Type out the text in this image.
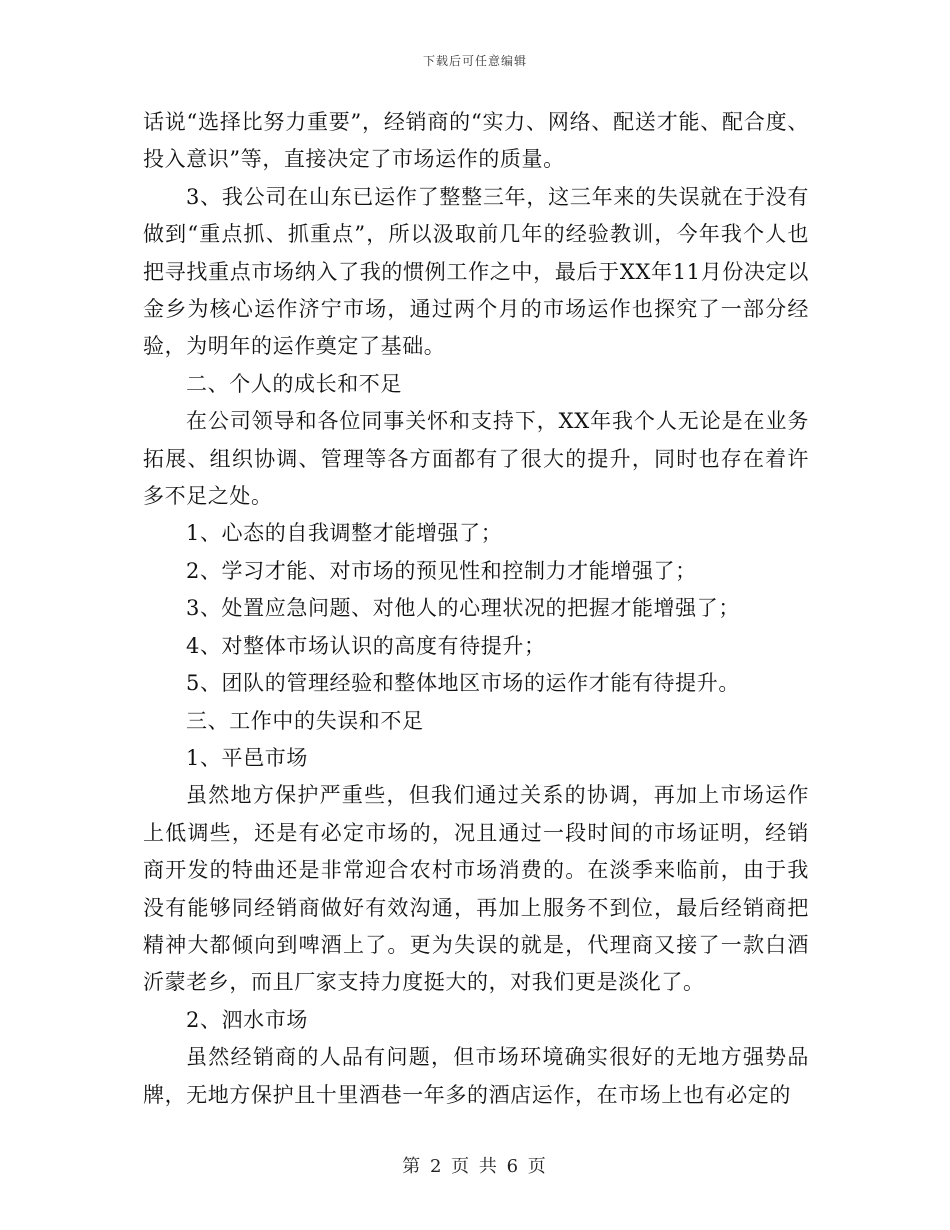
下载后可任意编辑

话说“选择比努力重要”，经销商的“实力、网络、配送才能、配合度、投入意识”等，直接决定了市场运作的质量。

3、我公司在山东已运作了整整三年，这三年来的失误就在于没有做到“重点抓、抓重点”，所以汲取前几年的经验教训，今年我个人也把寻找重点市场纳入了我的惯例工作之中，最后于XX年11月份决定以金乡为核心运作济宁市场，通过两个月的市场运作也探究了一部分经验，为明年的运作奠定了基础。

二、个人的成长和不足

在公司领导和各位同事关怀和支持下，XX年我个人无论是在业务拓展、组织协调、管理等各方面都有了很大的提升，同时也存在着许多不足之处。

1、心态的自我调整才能增强了；

2、学习才能、对市场的预见性和控制力才能增强了；

3、处置应急问题、对他人的心理状况的把握才能增强了；

4、对整体市场认识的高度有待提升；

5、团队的管理经验和整体地区市场的运作才能有待提升。

三、工作中的失误和不足

1、平邑市场

虽然地方保护严重些，但我们通过关系的协调，再加上市场运作上低调些，还是有必定市场的，况且通过一段时间的市场证明，经销商开发的特曲还是非常迎合农村市场消费的。在淡季来临前，由于我没有能够同经销商做好有效沟通，再加上服务不到位，最后经销商把精神大都倾向到啤酒上了。更为失误的就是，代理商又接了一款白酒沂蒙老乡，而且厂家支持力度挺大的，对我们更是淡化了。

2、泗水市场

虽然经销商的人品有问题，但市场环境确实很好的无地方强势品牌，无地方保护且十里酒巷一年多的酒店运作，在市场上也有必定的

第 2 页 共 6 页
